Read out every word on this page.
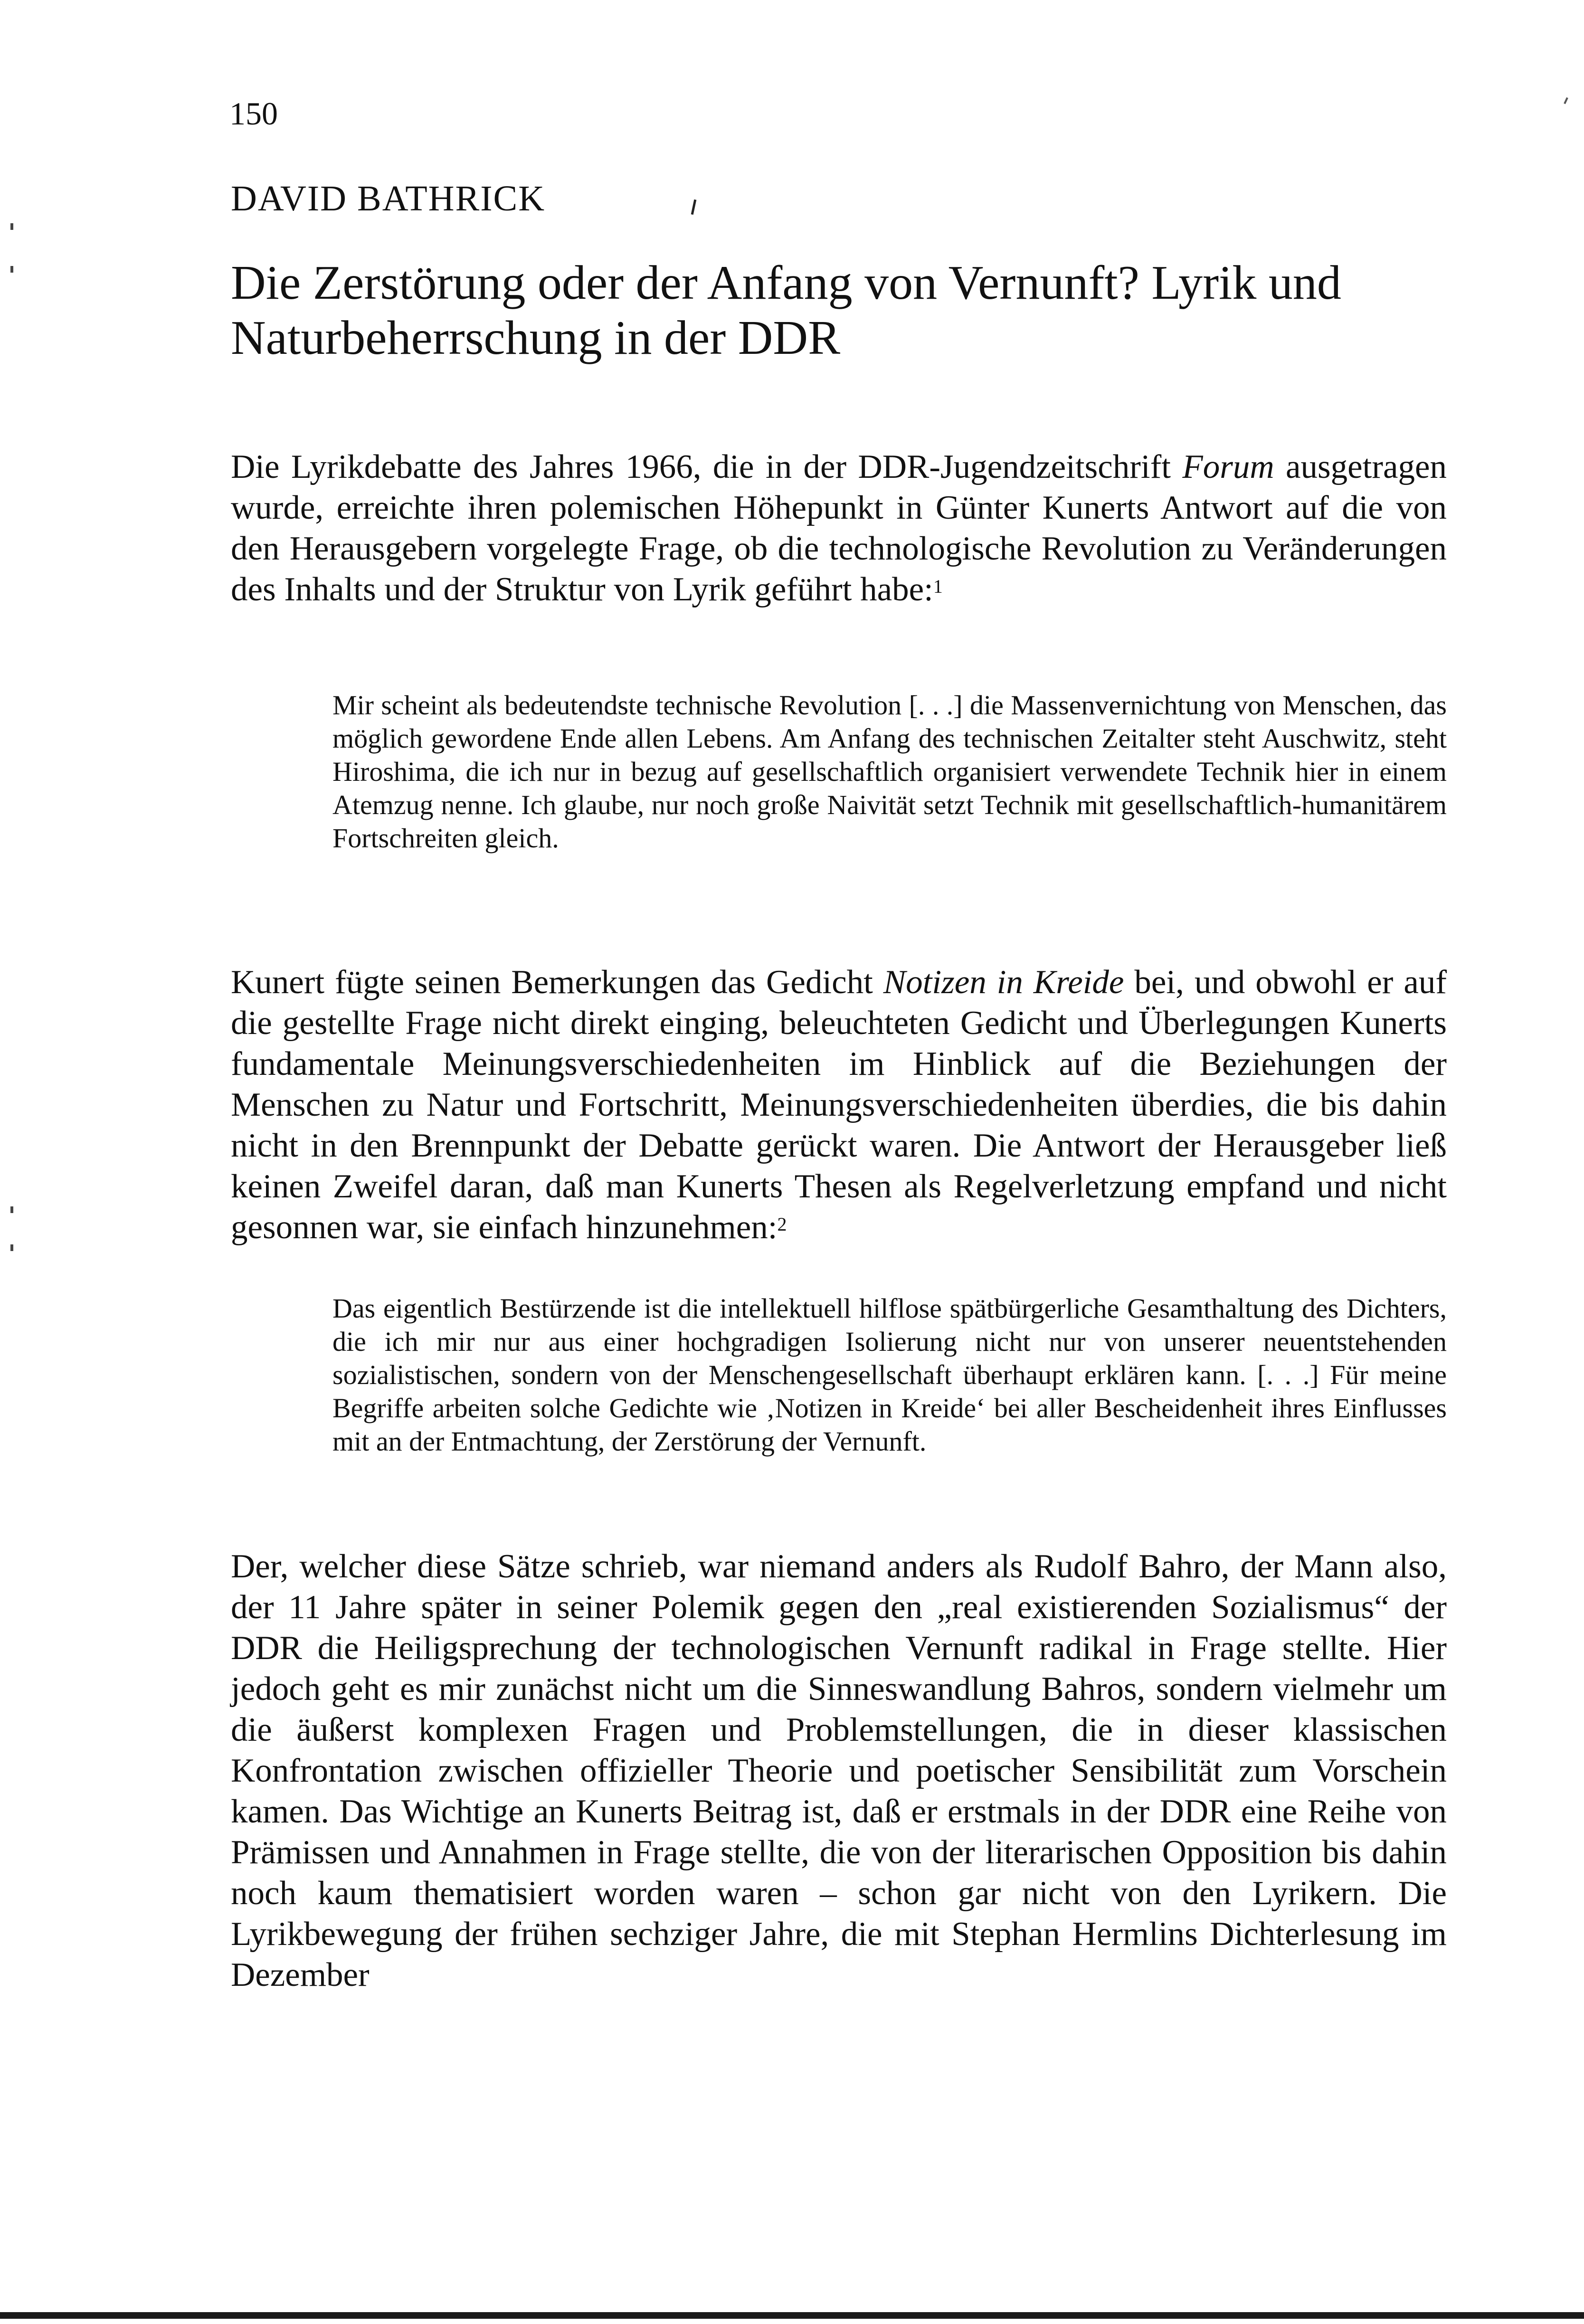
150
DAVID BATHRICK
Die Zerstörung oder der Anfang von Vernunft? Lyrik und Naturbeherrschung in der DDR

Die Lyrikdebatte des Jahres 1966, die in der DDR-Jugendzeitschrift Forum ausgetragen wurde, erreichte ihren polemischen Höhepunkt in Günter Kunerts Antwort auf die von den Herausgebern vorgelegte Frage, ob die technologische Revolution zu Veränderungen des Inhalts und der Struktur von Lyrik geführt habe:$^1$

Mir scheint als bedeutendste technische Revolution [. . .] die Massenvernichtung von Menschen, das möglich gewordene Ende allen Lebens. Am Anfang des technischen Zeitalter steht Auschwitz, steht Hiroshima, die ich nur in bezug auf gesellschaftlich organisiert verwendete Technik hier in einem Atemzug nenne. Ich glaube, nur noch große Naivität setzt Technik mit gesellschaftlich-humanitärem Fortschreiten gleich.

Kunert fügte seinen Bemerkungen das Gedicht Notizen in Kreide bei, und obwohl er auf die gestellte Frage nicht direkt einging, beleuchteten Gedicht und Überlegungen Kunerts fundamentale Meinungsverschiedenheiten im Hinblick auf die Beziehungen der Menschen zu Natur und Fortschritt, Meinungsverschiedenheiten überdies, die bis dahin nicht in den Brennpunkt der Debatte gerückt waren. Die Antwort der Herausgeber ließ keinen Zweifel daran, daß man Kunerts Thesen als Regelverletzung empfand und nicht gesonnen war, sie einfach hinzunehmen:$^2$

Das eigentlich Bestürzende ist die intellektuell hilflose spätbürgerliche Gesamthaltung des Dichters, die ich mir nur aus einer hochgradigen Isolierung nicht nur von unserer neuentstehenden sozialistischen, sondern von der Menschengesellschaft überhaupt erklären kann. [. . .] Für meine Begriffe arbeiten solche Gedichte wie ‚Notizen in Kreide‘ bei aller Bescheidenheit ihres Einflusses mit an der Entmachtung, der Zerstörung der Vernunft.

Der, welcher diese Sätze schrieb, war niemand anders als Rudolf Bahro, der Mann also, der 11 Jahre später in seiner Polemik gegen den „real existierenden Sozialismus“ der DDR die Heiligsprechung der technologischen Vernunft radikal in Frage stellte. Hier jedoch geht es mir zunächst nicht um die Sinneswandlung Bahros, sondern vielmehr um die äußerst komplexen Fragen und Problemstellungen, die in dieser klassischen Konfrontation zwischen offizieller Theorie und poetischer Sensibilität zum Vorschein kamen. Das Wichtige an Kunerts Beitrag ist, daß er erstmals in der DDR eine Reihe von Prämissen und Annahmen in Frage stellte, die von der literarischen Opposition bis dahin noch kaum thematisiert worden waren – schon gar nicht von den Lyrikern. Die Lyrikbewegung der frühen sechziger Jahre, die mit Stephan Hermlins Dichterlesung im Dezember
